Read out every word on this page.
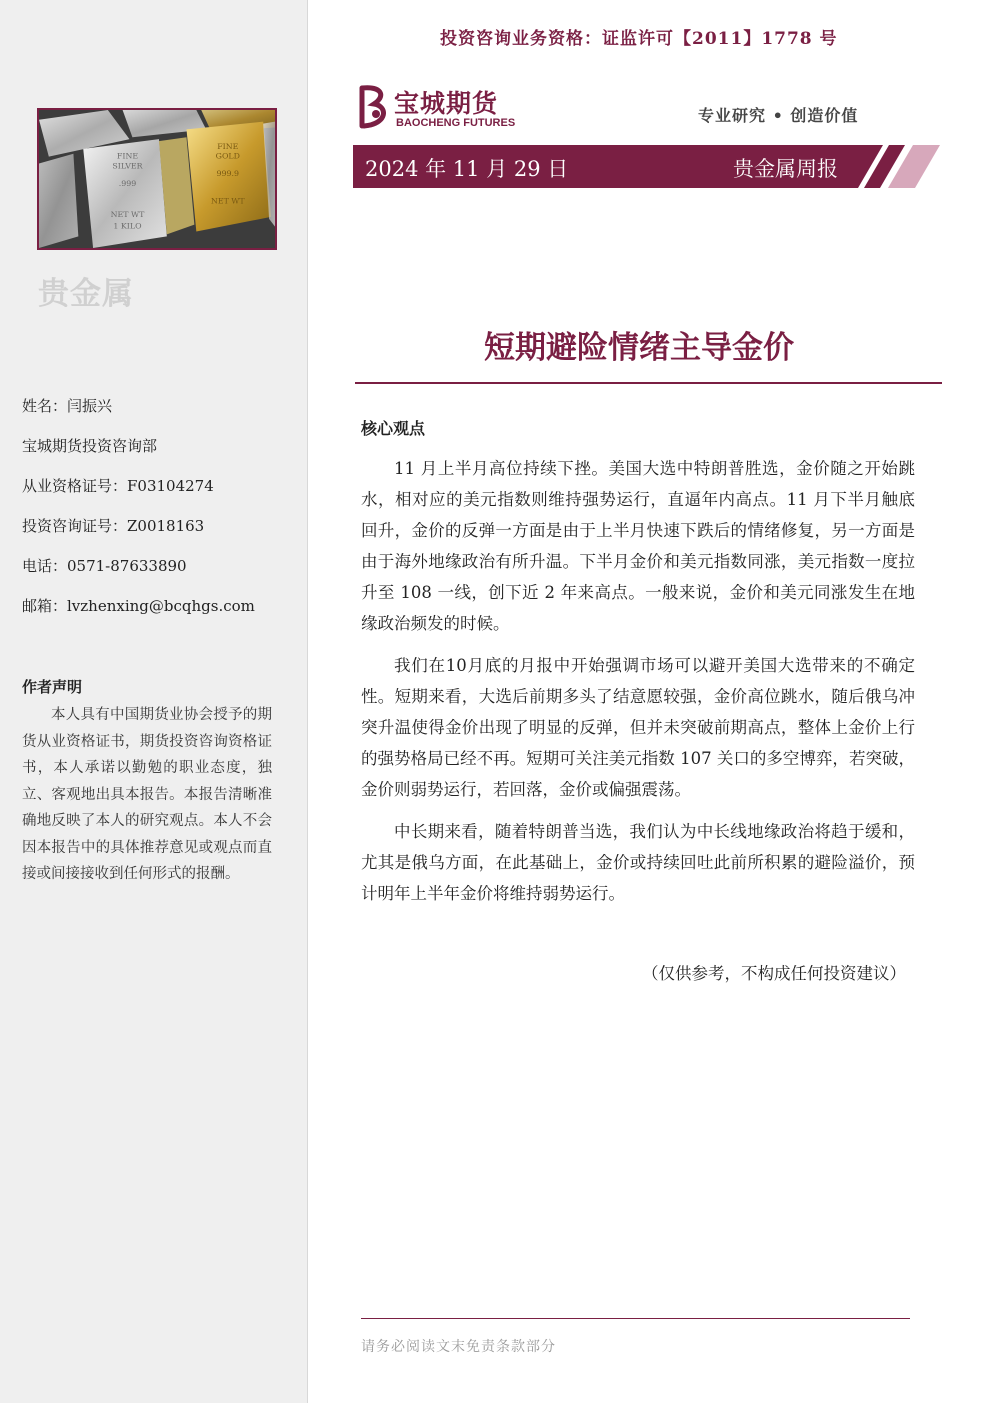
FINE
SILVER
.999
NET WT
1 KILO
FINE
GOLD
999.9
NET WT
贵金属
姓名：闫振兴
宝城期货投资咨询部
从业资格证号：F03104274
投资咨询证号：Z0018163
电话：0571-87633890
邮箱：lvzhenxing@bcqhgs.com
作者声明
本人具有中国期货业协会授予的期货从业资格证书，期货投资咨询资格证书，本人承诺以勤勉的职业态度，独立、客观地出具本报告。本报告清晰准确地反映了本人的研究观点。本人不会因本报告中的具体推荐意见或观点而直接或间接接收到任何形式的报酬。
投资咨询业务资格：证监许可【2011】1778 号
宝城期货
BAOCHENG FUTURES	专业研究 • 创造价值
2024 年 11 月 29 日	贵金属周报
短期避险情绪主导金价
核心观点

11 月上半月高位持续下挫。美国大选中特朗普胜选，金价随之开始跳水，相对应的美元指数则维持强势运行，直逼年内高点。11 月下半月触底回升，金价的反弹一方面是由于上半月快速下跌后的情绪修复，另一方面是由于海外地缘政治有所升温。下半月金价和美元指数同涨，美元指数一度拉升至 108 一线，创下近 2 年来高点。一般来说，金价和美元同涨发生在地缘政治频发的时候。

我们在10月底的月报中开始强调市场可以避开美国大选带来的不确定性。短期来看，大选后前期多头了结意愿较强，金价高位跳水，随后俄乌冲突升温使得金价出现了明显的反弹，但并未突破前期高点，整体上金价上行的强势格局已经不再。短期可关注美元指数 107 关口的多空博弈，若突破，金价则弱势运行，若回落，金价或偏强震荡。

中长期来看，随着特朗普当选，我们认为中长线地缘政治将趋于缓和，尤其是俄乌方面，在此基础上，金价或持续回吐此前所积累的避险溢价，预计明年上半年金价将维持弱势运行。

（仅供参考，不构成任何投资建议）
请务必阅读文末免责条款部分
